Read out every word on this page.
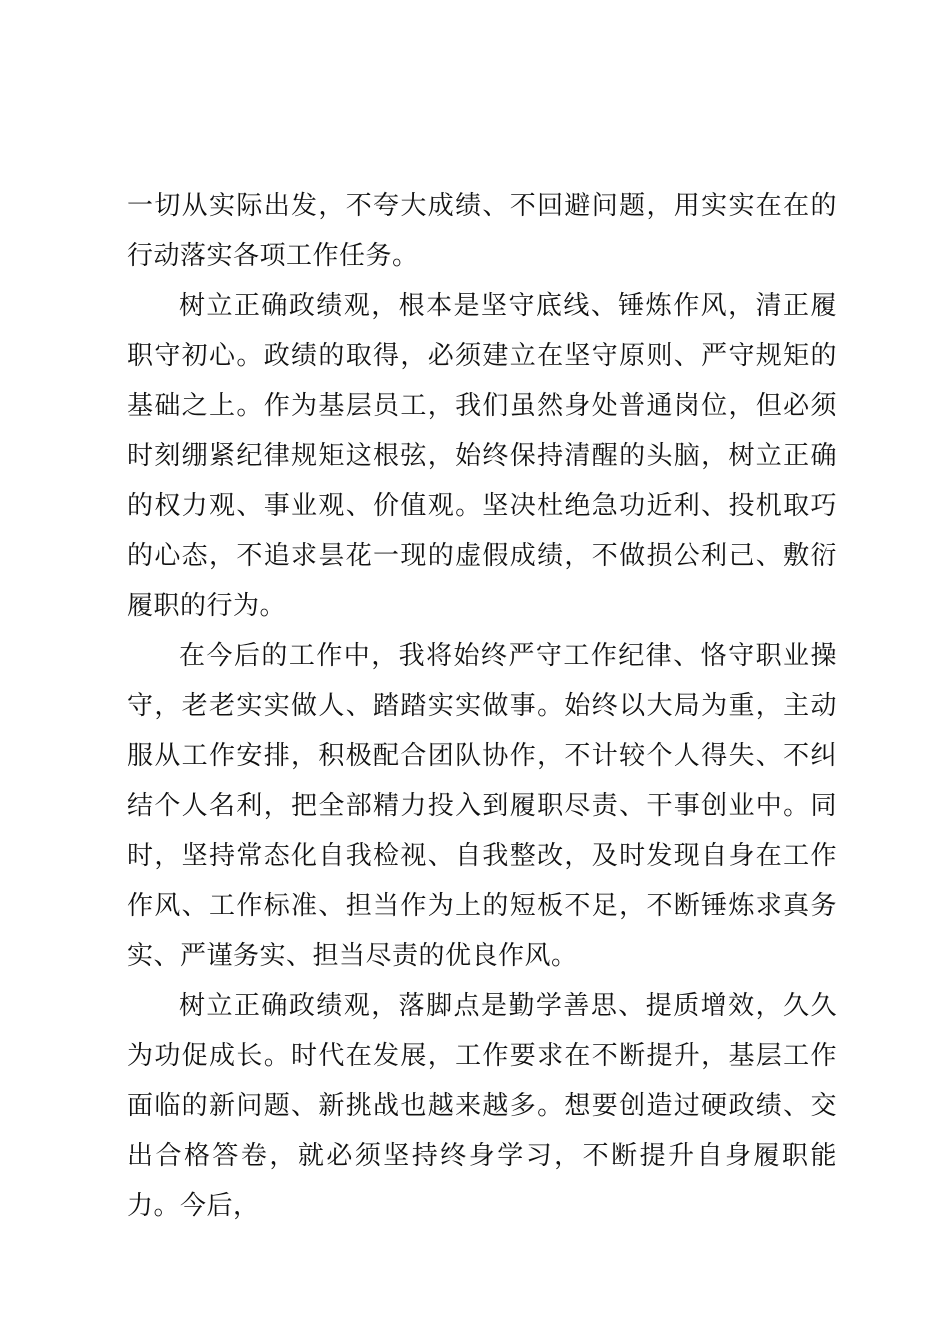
一切从实际出发，不夸大成绩、不回避问题，用实实在在的行动落实各项工作任务。

树立正确政绩观，根本是坚守底线、锤炼作风，清正履职守初心。政绩的取得，必须建立在坚守原则、严守规矩的基础之上。作为基层员工，我们虽然身处普通岗位，但必须时刻绷紧纪律规矩这根弦，始终保持清醒的头脑，树立正确的权力观、事业观、价值观。坚决杜绝急功近利、投机取巧的心态，不追求昙花一现的虚假成绩，不做损公利己、敷衍履职的行为。

在今后的工作中，我将始终严守工作纪律、恪守职业操守，老老实实做人、踏踏实实做事。始终以大局为重，主动服从工作安排，积极配合团队协作，不计较个人得失、不纠结个人名利，把全部精力投入到履职尽责、干事创业中。同时，坚持常态化自我检视、自我整改，及时发现自身在工作作风、工作标准、担当作为上的短板不足，不断锤炼求真务实、严谨务实、担当尽责的优良作风。

树立正确政绩观，落脚点是勤学善思、提质增效，久久为功促成长。时代在发展，工作要求在不断提升，基层工作面临的新问题、新挑战也越来越多。想要创造过硬政绩、交出合格答卷，就必须坚持终身学习，不断提升自身履职能力。今后，
